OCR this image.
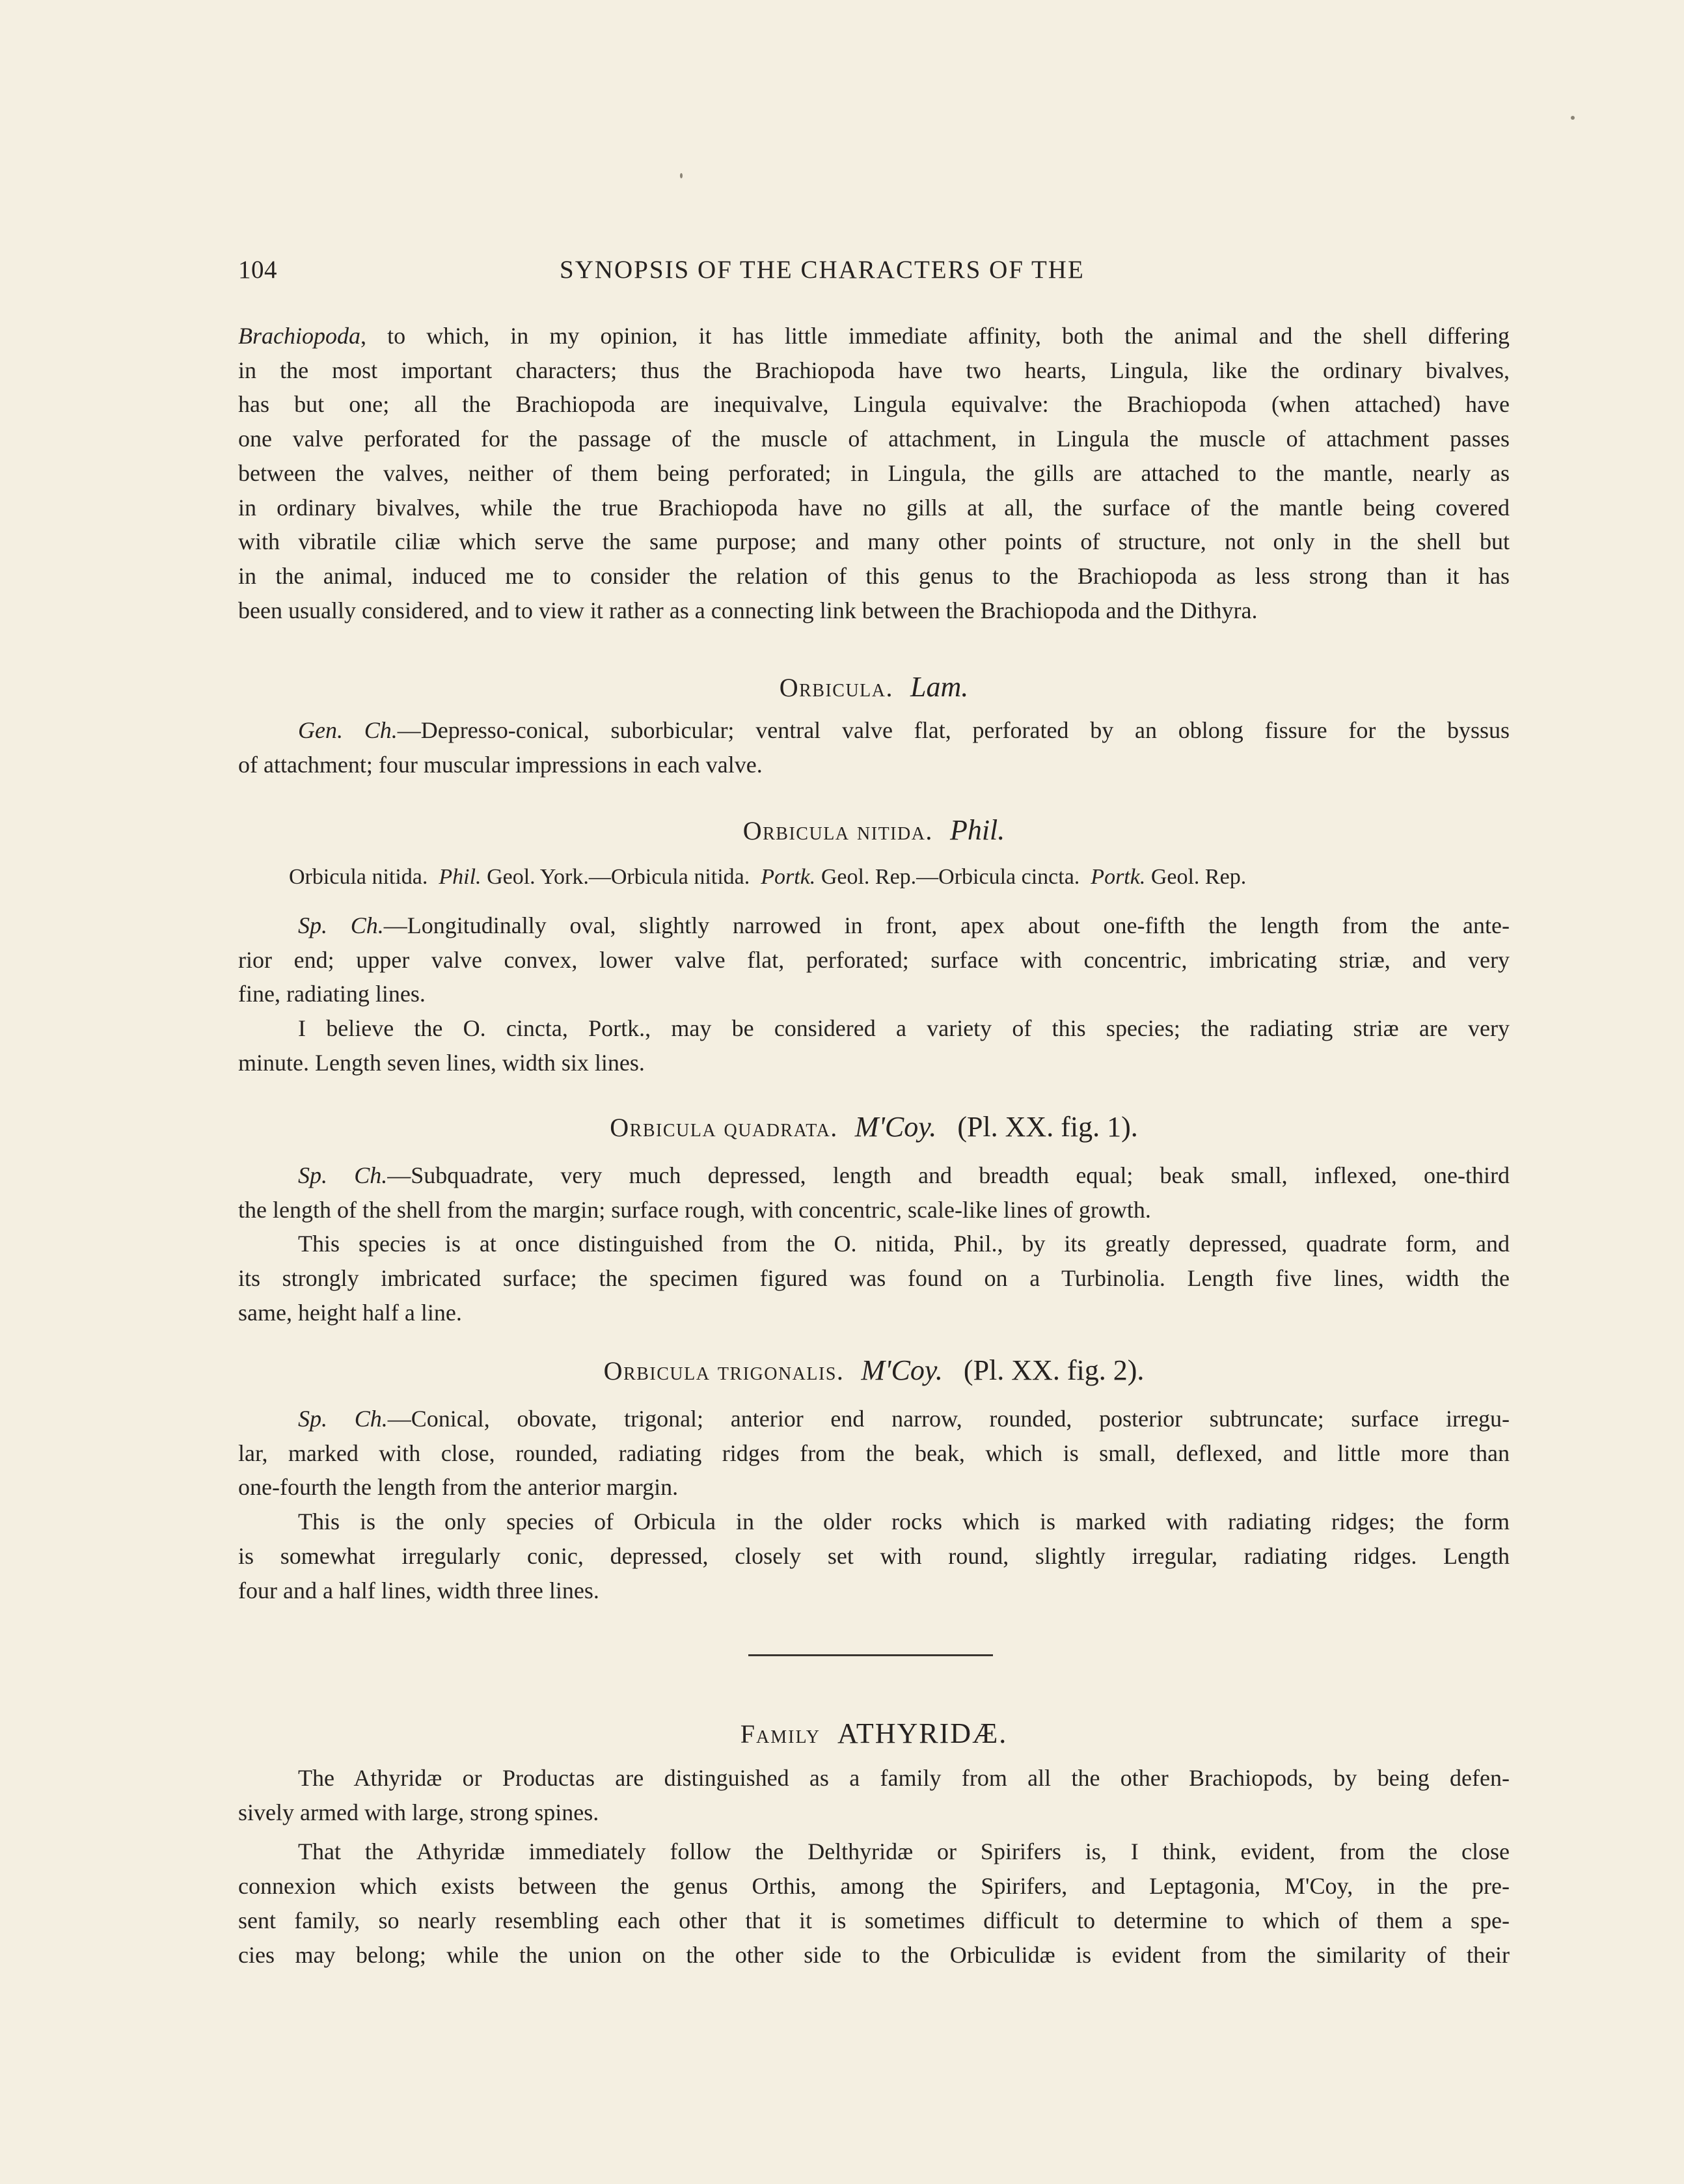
104	SYNOPSIS OF THE CHARACTERS OF THE

Brachiopoda, to which, in my opinion, it has little immediate affinity, both the animal and the shell differing

in the most important characters; thus the Brachiopoda have two hearts, Lingula, like the ordinary bivalves,

has but one; all the Brachiopoda are inequivalve, Lingula equivalve: the Brachiopoda (when attached) have

one valve perforated for the passage of the muscle of attachment, in Lingula the muscle of attachment passes

between the valves, neither of them being perforated; in Lingula, the gills are attached to the mantle, nearly as

in ordinary bivalves, while the true Brachiopoda have no gills at all, the surface of the mantle being covered

with vibratile ciliæ which serve the same purpose; and many other points of structure, not only in the shell but

in the animal, induced me to consider the relation of this genus to the Brachiopoda as less strong than it has

been usually considered, and to view it rather as a connecting link between the Brachiopoda and the Dithyra.

Orbicula. Lam.

Gen. Ch.—Depresso-conical, suborbicular; ventral valve flat, perforated by an oblong fissure for the byssus

of attachment; four muscular impressions in each valve.

Orbicula nitida. Phil.
Orbicula nitida. Phil. Geol. York.—Orbicula nitida. Portk. Geol. Rep.—Orbicula cincta. Portk. Geol. Rep.

Sp. Ch.—Longitudinally oval, slightly narrowed in front, apex about one-fifth the length from the ante-

rior end; upper valve convex, lower valve flat, perforated; surface with concentric, imbricating striæ, and very

fine, radiating lines.

I believe the O. cincta, Portk., may be considered a variety of this species; the radiating striæ are very

minute. Length seven lines, width six lines.

Orbicula quadrata. M'Coy. (Pl. XX. fig. 1).

Sp. Ch.—Subquadrate, very much depressed, length and breadth equal; beak small, inflexed, one-third

the length of the shell from the margin; surface rough, with concentric, scale-like lines of growth.

This species is at once distinguished from the O. nitida, Phil., by its greatly depressed, quadrate form, and

its strongly imbricated surface; the specimen figured was found on a Turbinolia. Length five lines, width the

same, height half a line.

Orbicula trigonalis. M'Coy. (Pl. XX. fig. 2).

Sp. Ch.—Conical, obovate, trigonal; anterior end narrow, rounded, posterior subtruncate; surface irregu-

lar, marked with close, rounded, radiating ridges from the beak, which is small, deflexed, and little more than

one-fourth the length from the anterior margin.

This is the only species of Orbicula in the older rocks which is marked with radiating ridges; the form

is somewhat irregularly conic, depressed, closely set with round, slightly irregular, radiating ridges. Length

four and a half lines, width three lines.

Family ATHYRIDÆ.

The Athyridæ or Productas are distinguished as a family from all the other Brachiopods, by being defen-

sively armed with large, strong spines.

That the Athyridæ immediately follow the Delthyridæ or Spirifers is, I think, evident, from the close

connexion which exists between the genus Orthis, among the Spirifers, and Leptagonia, M'Coy, in the pre-

sent family, so nearly resembling each other that it is sometimes difficult to determine to which of them a spe-

cies may belong; while the union on the other side to the Orbiculidæ is evident from the similarity of their
